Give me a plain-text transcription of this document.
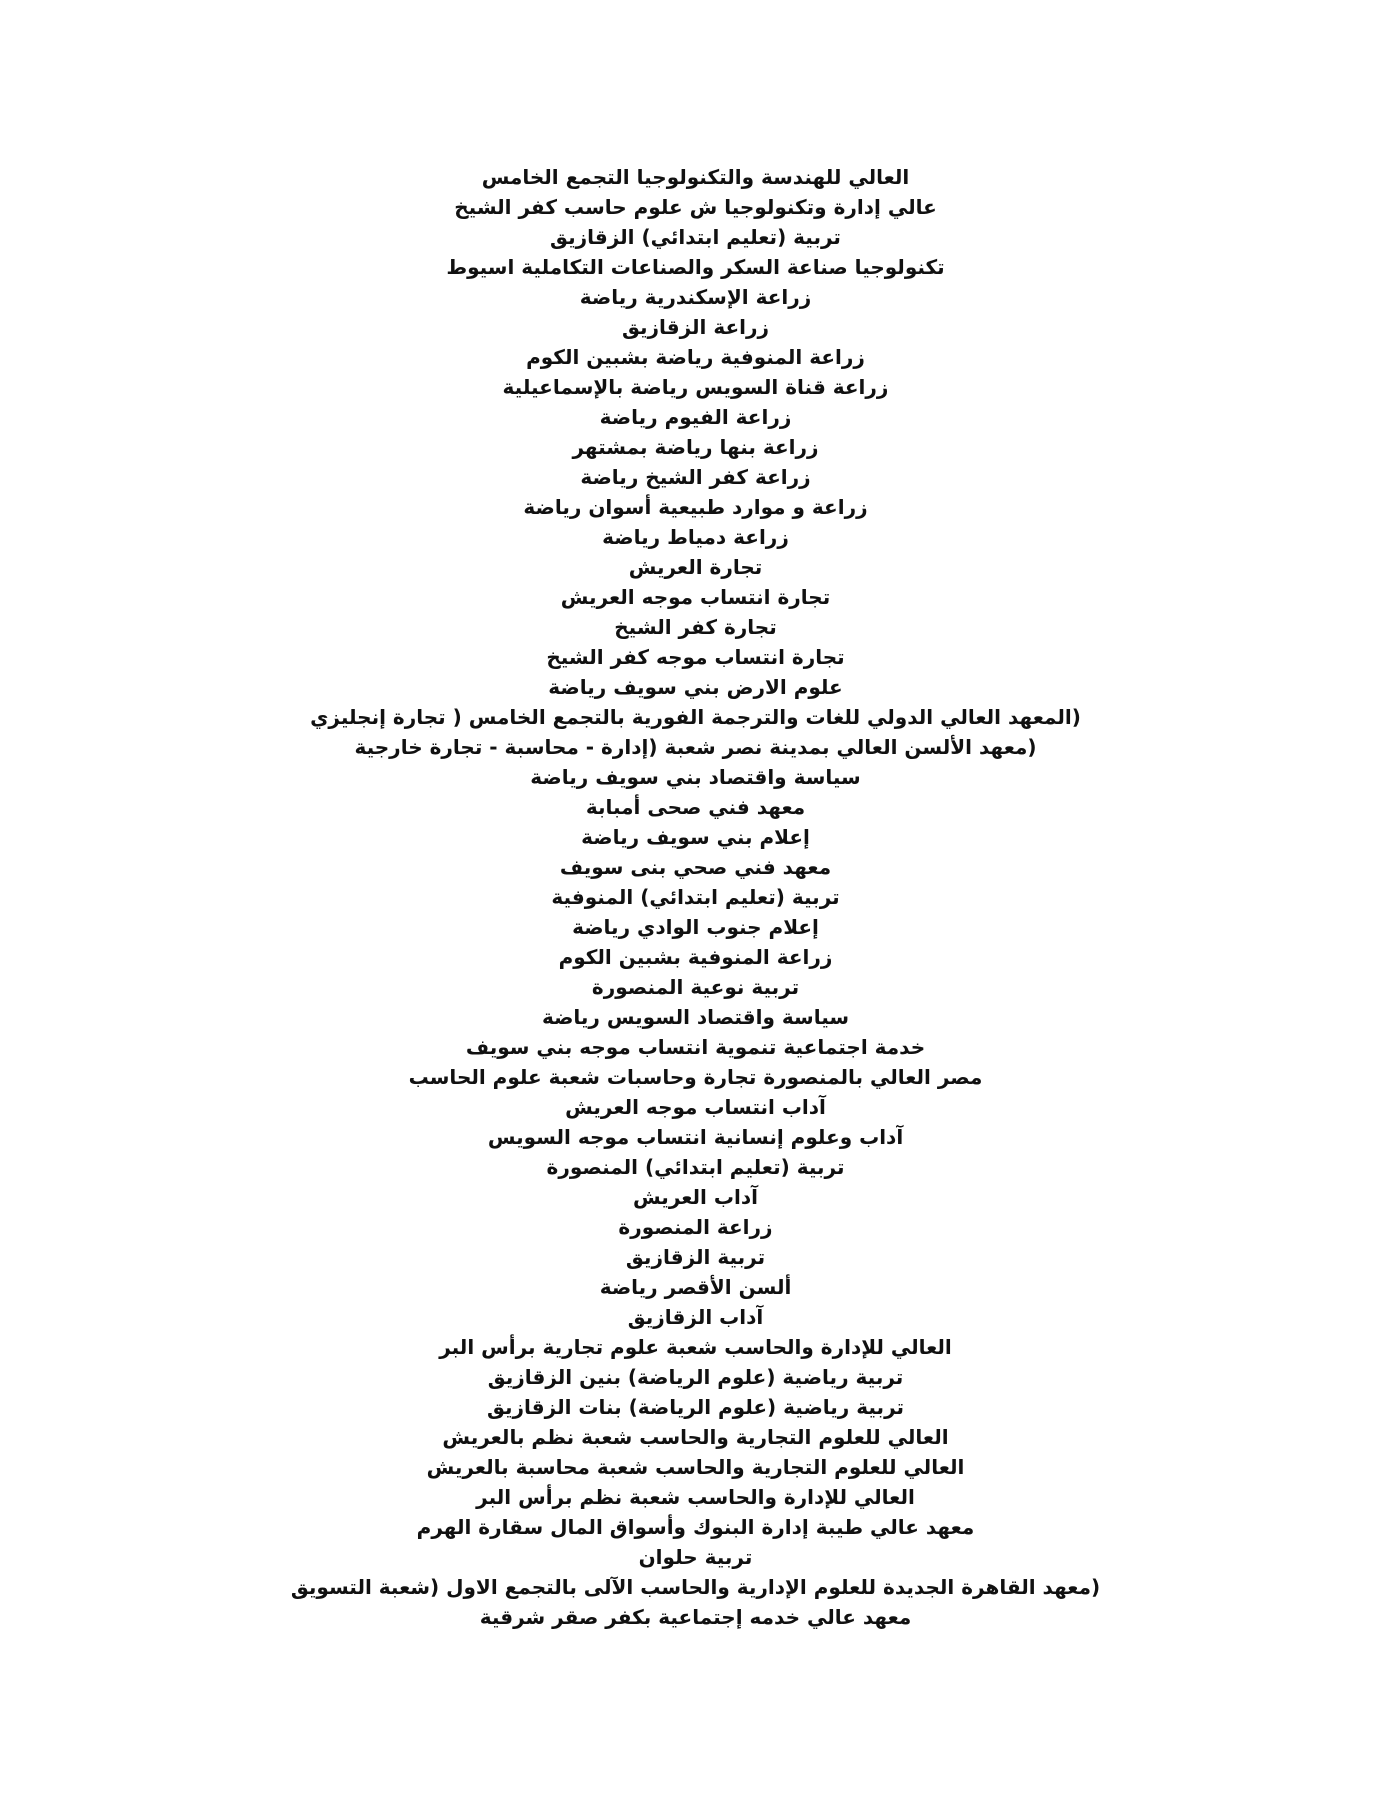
العالي للهندسة والتكنولوجيا التجمع الخامس
عالي إدارة وتكنولوجيا ش علوم حاسب كفر الشيخ
تربية (تعليم ابتدائي) الزقازيق
تكنولوجيا صناعة السكر والصناعات التكاملية اسيوط
زراعة الإسكندرية رياضة
زراعة الزقازيق
زراعة المنوفية رياضة بشبين الكوم
زراعة قناة السويس رياضة بالإسماعيلية
زراعة الفيوم رياضة
زراعة بنها رياضة بمشتهر
زراعة كفر الشيخ رياضة
زراعة و موارد طبيعية أسوان رياضة
زراعة دمياط رياضة
تجارة العريش
تجارة انتساب موجه العريش
تجارة كفر الشيخ
تجارة انتساب موجه كفر الشيخ
علوم الارض بني سويف رياضة
(المعهد العالي الدولي للغات والترجمة الفورية بالتجمع الخامس ( تجارة إنجليزي
(معهد الألسن العالي بمدينة نصر شعبة (إدارة - محاسبة - تجارة خارجية
سياسة واقتصاد بني سويف رياضة
معهد فني صحى أمبابة
إعلام بني سويف رياضة
معهد فني صحي بنى سويف
تربية (تعليم ابتدائي) المنوفية
إعلام جنوب الوادي رياضة
زراعة المنوفية بشبين الكوم
تربية نوعية المنصورة
سياسة واقتصاد السويس رياضة
خدمة اجتماعية تنموية انتساب موجه بني سويف
مصر العالي بالمنصورة تجارة وحاسبات شعبة علوم الحاسب
آداب انتساب موجه العريش
آداب وعلوم إنسانية انتساب موجه السويس
تربية (تعليم ابتدائي) المنصورة
آداب العريش
زراعة المنصورة
تربية الزقازيق
ألسن الأقصر رياضة
آداب الزقازيق
العالي للإدارة والحاسب شعبة علوم تجارية برأس البر
تربية رياضية (علوم الرياضة) بنين الزقازيق
تربية رياضية (علوم الرياضة) بنات الزقازيق
العالي للعلوم التجارية والحاسب شعبة نظم بالعريش
العالي للعلوم التجارية والحاسب شعبة محاسبة بالعريش
العالي للإدارة والحاسب شعبة نظم برأس البر
معهد عالي طيبة إدارة البنوك وأسواق المال سقارة الهرم
تربية حلوان
(معهد القاهرة الجديدة للعلوم الإدارية والحاسب الآلى بالتجمع الاول (شعبة التسويق
معهد عالي خدمه إجتماعية بكفر صقر شرقية
